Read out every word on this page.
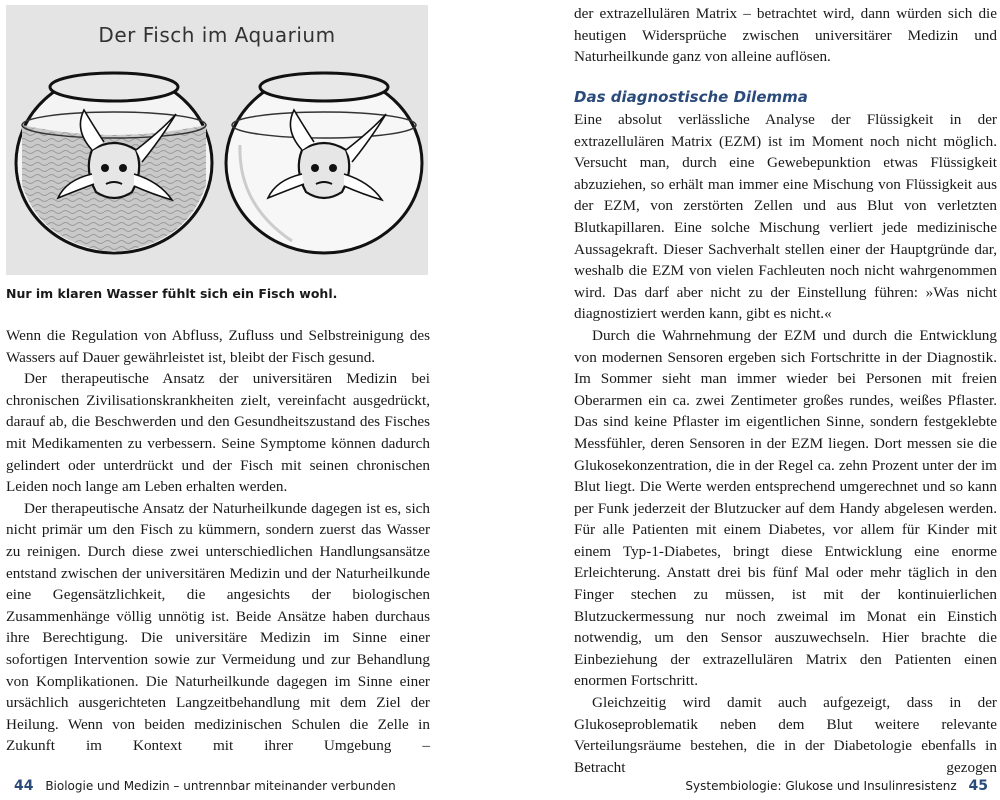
Der Fisch im Aquarium
Nur im klaren Wasser fühlt sich ein Fisch wohl.

Wenn die Regulation von Abfluss, Zufluss und Selbstreinigung des Wassers auf Dauer gewährleistet ist, bleibt der Fisch gesund.

Der therapeutische Ansatz der universitären Medizin bei chronischen Zivilisationskrankheiten zielt, vereinfacht ausgedrückt, darauf ab, die Beschwerden und den Gesundheitszustand des Fisches mit Medikamenten zu verbessern. Seine Symptome können dadurch gelindert oder unterdrückt und der Fisch mit seinen chronischen Leiden noch lange am Leben erhalten werden.

Der therapeutische Ansatz der Naturheilkunde dagegen ist es, sich nicht primär um den Fisch zu kümmern, sondern zuerst das Wasser zu reinigen. Durch diese zwei unterschiedlichen Handlungsansätze entstand zwischen der universitären Medizin und der Naturheilkunde eine Gegensätzlichkeit, die angesichts der biologischen Zusammenhänge völlig unnötig ist. Beide Ansätze haben durchaus ihre Berechtigung. Die universitäre Medizin im Sinne einer sofortigen Intervention sowie zur Vermeidung und zur Behandlung von Komplikationen. Die Naturheilkunde dagegen im Sinne einer ursächlich ausgerichteten Langzeitbehandlung mit dem Ziel der Heilung. Wenn von beiden medizinischen Schulen die Zelle in Zukunft im Kontext mit ihrer Umgebung –

der extrazellulären Matrix – betrachtet wird, dann würden sich die heutigen Widersprüche zwischen universitärer Medizin und Naturheilkunde ganz von alleine auflösen.

Das diagnostische Dilemma

Eine absolut verlässliche Analyse der Flüssigkeit in der extrazellulären Matrix (EZM) ist im Moment noch nicht möglich. Versucht man, durch eine Gewebepunktion etwas Flüssigkeit abzuziehen, so erhält man immer eine Mischung von Flüssigkeit aus der EZM, von zerstörten Zellen und aus Blut von verletzten Blutkapillaren. Eine solche Mischung verliert jede medizinische Aussagekraft. Dieser Sachverhalt stellen einer der Hauptgründe dar, weshalb die EZM von vielen Fachleuten noch nicht wahrgenommen wird. Das darf aber nicht zu der Einstellung führen: »Was nicht diagnostiziert werden kann, gibt es nicht.«

Durch die Wahrnehmung der EZM und durch die Entwicklung von modernen Sensoren ergeben sich Fortschritte in der Diagnostik. Im Sommer sieht man immer wieder bei Personen mit freien Oberarmen ein ca. zwei Zentimeter großes rundes, weißes Pflaster. Das sind keine Pflaster im eigentlichen Sinne, sondern festgeklebte Messfühler, deren Sensoren in der EZM liegen. Dort messen sie die Glukosekonzentration, die in der Regel ca. zehn Prozent unter der im Blut liegt. Die Werte werden entsprechend umgerechnet und so kann per Funk jederzeit der Blutzucker auf dem Handy abgelesen werden. Für alle Patienten mit einem Diabetes, vor allem für Kinder mit einem Typ-1-Diabetes, bringt diese Entwicklung eine enorme Erleichterung. Anstatt drei bis fünf Mal oder mehr täglich in den Finger stechen zu müssen, ist mit der kontinuierlichen Blutzuckermessung nur noch zweimal im Monat ein Einstich notwendig, um den Sensor auszuwechseln. Hier brachte die Einbeziehung der extrazellulären Matrix den Patienten einen enormen Fortschritt.

Gleichzeitig wird damit auch aufgezeigt, dass in der Glukoseproblematik neben dem Blut weitere relevante Verteilungsräume bestehen, die in der Diabetologie ebenfalls in Betracht gezogen

44 Biologie und Medizin – untrennbar miteinander verbunden	Systembiologie: Glukose und Insulinresistenz 45
